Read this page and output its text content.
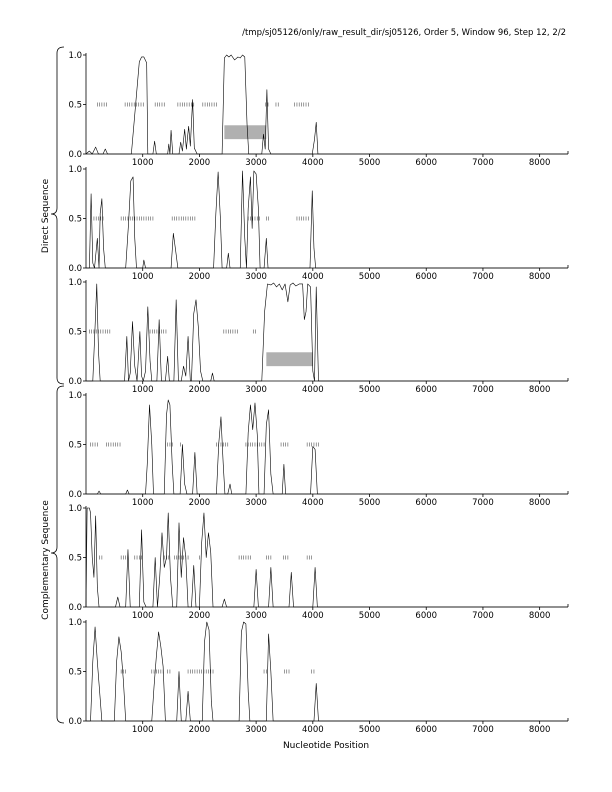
/tmp/sj05126/only/raw_result_dir/sj05126, Order 5, Window 96, Step 12, 2/2
0.0
0.5
1.0
1000	2000	3000	4000	5000	6000	7000	8000
0.0
0.5
1.0
1000	2000	3000	4000	5000	6000	7000	8000
0.0
0.5
1.0
1000	2000	3000	4000	5000	6000	7000	8000
0.0
0.5
1.0
1000	2000	3000	4000	5000	6000	7000	8000
0.0
0.5
1.0
1000	2000	3000	4000	5000	6000	7000	8000
0.0
0.5
1.0
1000	2000	3000	4000	5000	6000	7000	8000
Direct Sequence
Complementary Sequence
Nucleotide Position
